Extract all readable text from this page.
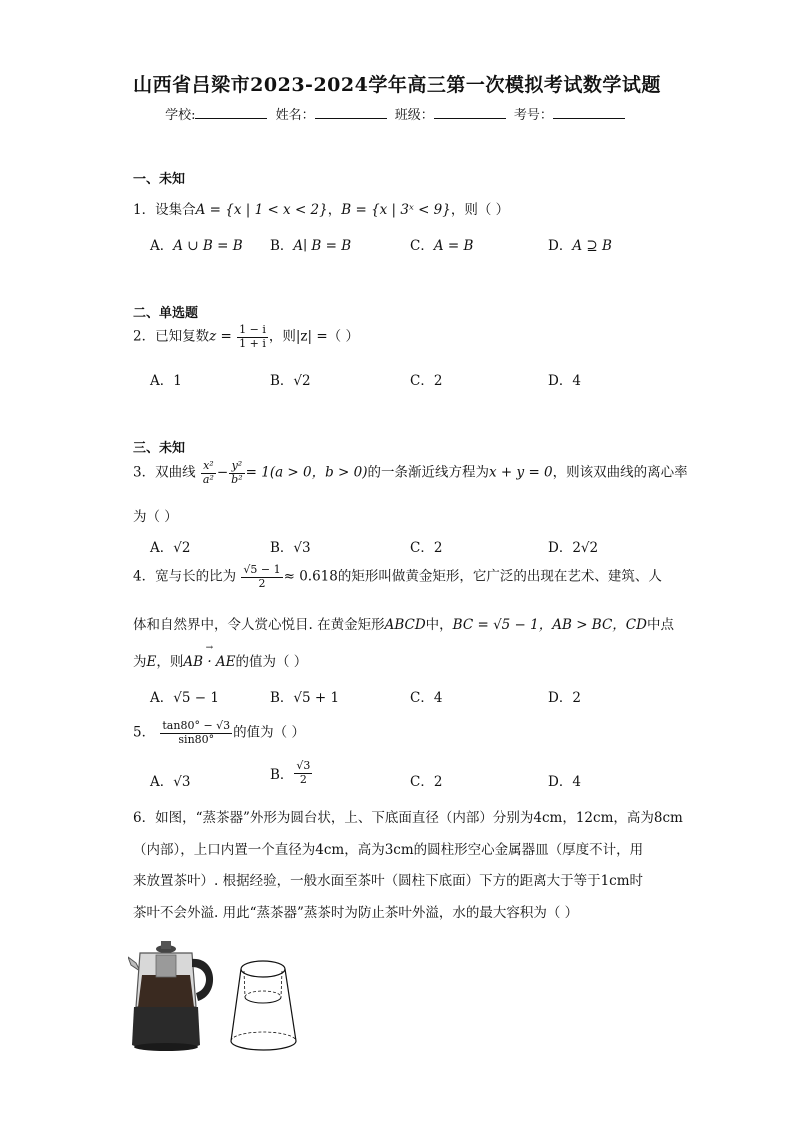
山西省吕梁市2023-2024学年高三第一次模拟考试数学试题
学校:	姓名：	班级：	考号：
一、未知
1．设集合A = {x | 1 < x < 2}，B = {x | 3ˣ < 9}，则（ ）
A．A ∪ B = B B．A∣ B = B	C．A = B	D．A ⊇ B
二、单选题
2．已知复数$z = \frac{1 - i}{1 + i}$ ，则|z| =（ ）
A．1	B．√2	C．2	D．4
三、未知
3．双曲线 $\frac{\text{x²}}{\text{a²}} - \frac{\text{y²}}{\text{b²}} = 1(a > 0$，b > 0)的一条渐近线方程为x + y = 0，则该双曲线的离心率
为（ ）
A．√2	B．√3	C．2	D．2√2
4．宽与长的比为 $\frac{√5 - 1}{2} \approx 0.618$的矩形叫做黄金矩形，它广泛的出现在艺术、建筑、人
体和自然界中，令人赏心悦目. 在黄金矩形ABCD中，BC = √5 − 1，AB > BC，CD中点
为E，则→ AB · AE的值为（ ）
A．√5 − 1	B．√5 + 1	C．4	D．2
5． $\frac{\tan 80^\circ - √3}{\sin 80^\circ}$ 的值为（ ）
A．√3	B． $\frac{√3}{2}$	C．2	D．4
6．如图，“蒸茶器”外形为圆台状，上、下底面直径（内部）分别为4cm，12cm，高为8cm
（内部），上口内置一个直径为4cm，高为3cm的圆柱形空心金属器皿（厚度不计，用
来放置茶叶）. 根据经验，一般水面至茶叶（圆柱下底面）下方的距离大于等于1cm时
茶叶不会外溢. 用此“蒸茶器”蒸茶时为防止茶叶外溢，水的最大容积为（ ）
